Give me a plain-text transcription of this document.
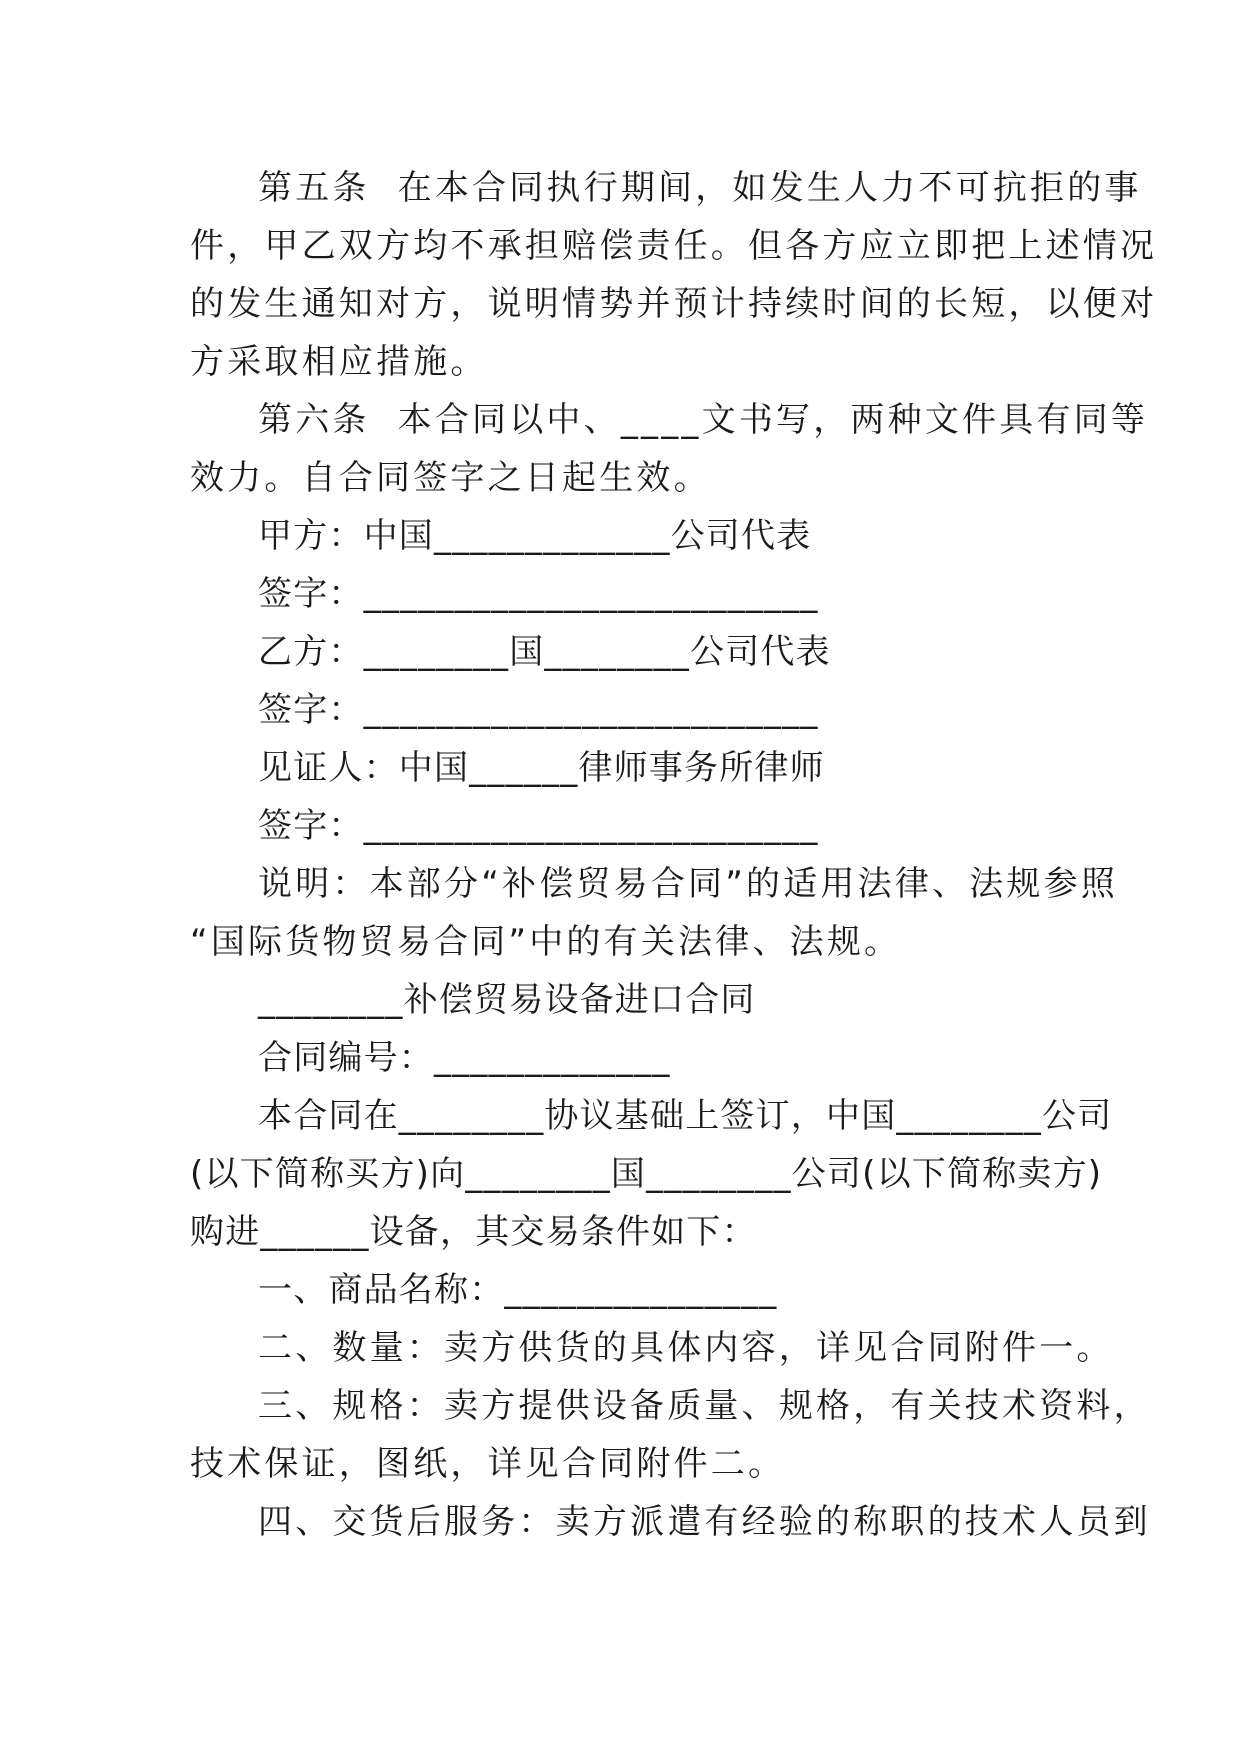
第五条  在本合同执行期间，如发生人力不可抗拒的事
件，甲乙双方均不承担赔偿责任。但各方应立即把上述情况
的发生通知对方，说明情势并预计持续时间的长短，以便对
方采取相应措施。
第六条  本合同以中、____文书写，两种文件具有同等
效力。自合同签字之日起生效。
甲方：中国_____________公司代表
签字：_________________________
乙方：________国________公司代表
签字：_________________________
见证人：中国______律师事务所律师
签字：_________________________
说明：本部分“补偿贸易合同”的适用法律、法规参照
“国际货物贸易合同”中的有关法律、法规。
________补偿贸易设备进口合同
合同编号：_____________
本合同在________协议基础上签订，中国________公司
(以下简称买方)向________国________公司(以下简称卖方)
购进______设备，其交易条件如下：
一、商品名称：_______________
二、数量：卖方供货的具体内容，详见合同附件一。
三、规格：卖方提供设备质量、规格，有关技术资料，
技术保证，图纸，详见合同附件二。
四、交货后服务：卖方派遣有经验的称职的技术人员到
